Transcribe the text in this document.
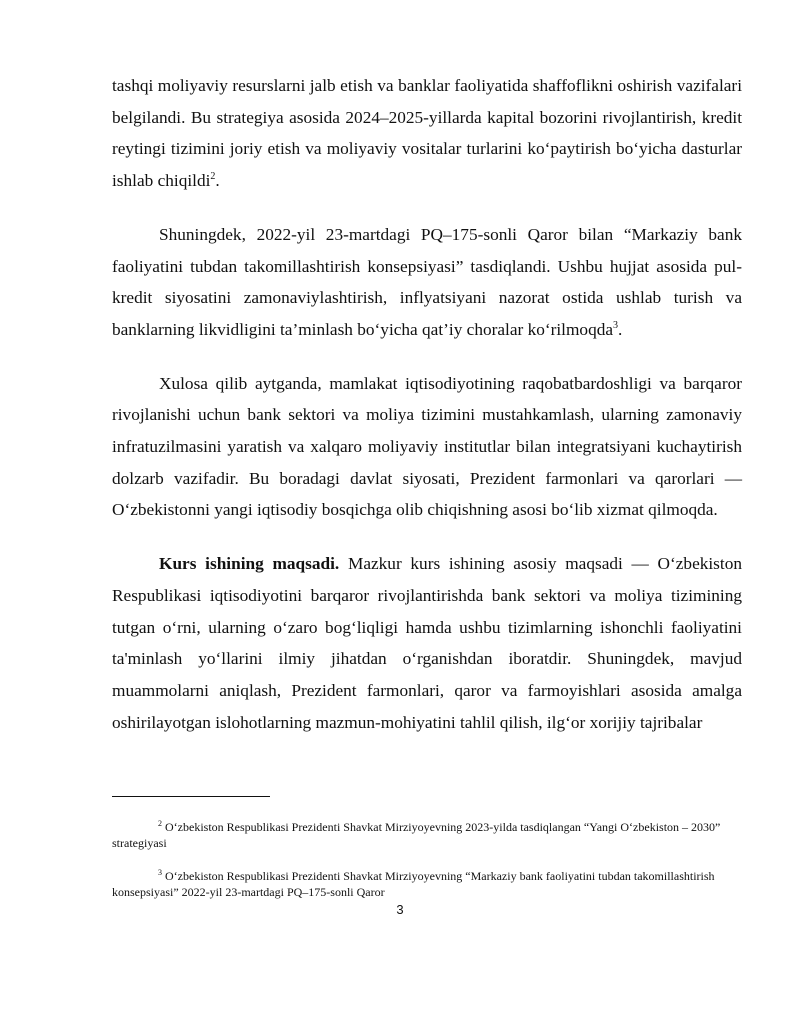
tashqi moliyaviy resurslarni jalb etish va banklar faoliyatida shaffoflikni oshirish vazifalari belgilandi. Bu strategiya asosida 2024–2025-yillarda kapital bozorini rivojlantirish, kredit reytingi tizimini joriy etish va moliyaviy vositalar turlarini ko‘paytirish bo‘yicha dasturlar ishlab chiqildi$^2$.

Shuningdek, 2022-yil 23-martdagi PQ–175-sonli Qaror bilan “Markaziy bank faoliyatini tubdan takomillashtirish konsepsiyasi” tasdiqlandi. Ushbu hujjat asosida pul-kredit siyosatini zamonaviylashtirish, inflyatsiyani nazorat ostida ushlab turish va banklarning likvidligini ta’minlash bo‘yicha qat’iy choralar ko‘rilmoqda$^3$.

Xulosa qilib aytganda, mamlakat iqtisodiyotining raqobatbardoshligi va barqaror rivojlanishi uchun bank sektori va moliya tizimini mustahkamlash, ularning zamonaviy infratuzilmasini yaratish va xalqaro moliyaviy institutlar bilan integratsiyani kuchaytirish dolzarb vazifadir. Bu boradagi davlat siyosati, Prezident farmonlari va qarorlari — O‘zbekistonni yangi iqtisodiy bosqichga olib chiqishning asosi bo‘lib xizmat qilmoqda.

Kurs ishining maqsadi. Mazkur kurs ishining asosiy maqsadi — O‘zbekiston Respublikasi iqtisodiyotini barqaror rivojlantirishda bank sektori va moliya tizimining tutgan o‘rni, ularning o‘zaro bog‘liqligi hamda ushbu tizimlarning ishonchli faoliyatini ta'minlash yo‘llarini ilmiy jihatdan o‘rganishdan iboratdir. Shuningdek, mavjud muammolarni aniqlash, Prezident farmonlari, qaror va farmoyishlari asosida amalga oshirilayotgan islohotlarning mazmun-mohiyatini tahlil qilish, ilg‘or xorijiy tajribalar

$^2$ O‘zbekiston Respublikasi Prezidenti Shavkat Mirziyoyevning 2023-yilda tasdiqlangan “Yangi O‘zbekiston – 2030” strategiyasi

$^3$ O‘zbekiston Respublikasi Prezidenti Shavkat Mirziyoyevning “Markaziy bank faoliyatini tubdan takomillashtirish konsepsiyasi” 2022-yil 23-martdagi PQ–175-sonli Qaror

3
